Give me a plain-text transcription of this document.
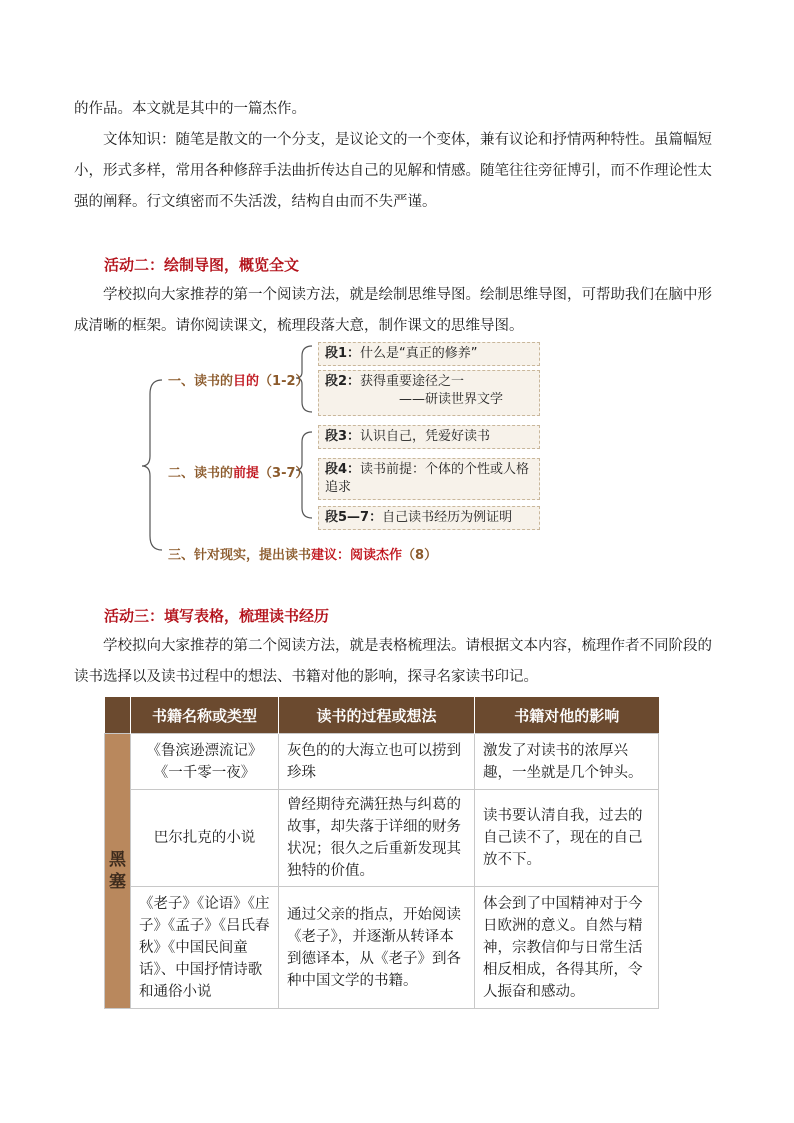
的作品。本文就是其中的一篇杰作。

文体知识：随笔是散文的一个分支，是议论文的一个变体，兼有议论和抒情两种特性。虽篇幅短小，形式多样，常用各种修辞手法曲折传达自己的见解和情感。随笔往往旁征博引，而不作理论性太强的阐释。行文缜密而不失活泼，结构自由而不失严谨。

活动二：绘制导图，概览全文

学校拟向大家推荐的第一个阅读方法，就是绘制思维导图。绘制思维导图，可帮助我们在脑中形成清晰的框架。请你阅读课文，梳理段落大意，制作课文的思维导图。

一、读书的目的（1-2）
二、读书的前提（3-7）
三、针对现实，提出读书建议：阅读杰作（8）
段1：什么是“真正的修养”
段2：获得重要途径之一
——研读世界文学
段3：认识自己，凭爱好读书
段4：读书前提：个体的个性或人格追求
段5—7：自己读书经历为例证明
活动三：填写表格，梳理读书经历

学校拟向大家推荐的第二个阅读方法，就是表格梳理法。请根据文本内容，梳理作者不同阶段的读书选择以及读书过程中的想法、书籍对他的影响，探寻名家读书印记。

	书籍名称或类型	读书的过程或想法	书籍对他的影响
黑塞	《鲁滨逊漂流记》《一千零一夜》	灰色的的大海立也可以捞到珍珠	激发了对读书的浓厚兴趣，一坐就是几个钟头。
	巴尔扎克的小说	曾经期待充满狂热与纠葛的故事，却失落于详细的财务状况；很久之后重新发现其独特的价值。	读书要认清自我，过去的自己读不了，现在的自己放不下。
	《老子》《论语》《庄子》《孟子》《吕氏春秋》《中国民间童话》、中国抒情诗歌和通俗小说	通过父亲的指点，开始阅读《老子》，并逐渐从转译本到德译本，从《老子》到各种中国文学的书籍。	体会到了中国精神对于今日欧洲的意义。自然与精神，宗教信仰与日常生活相反相成，各得其所，令人振奋和感动。
